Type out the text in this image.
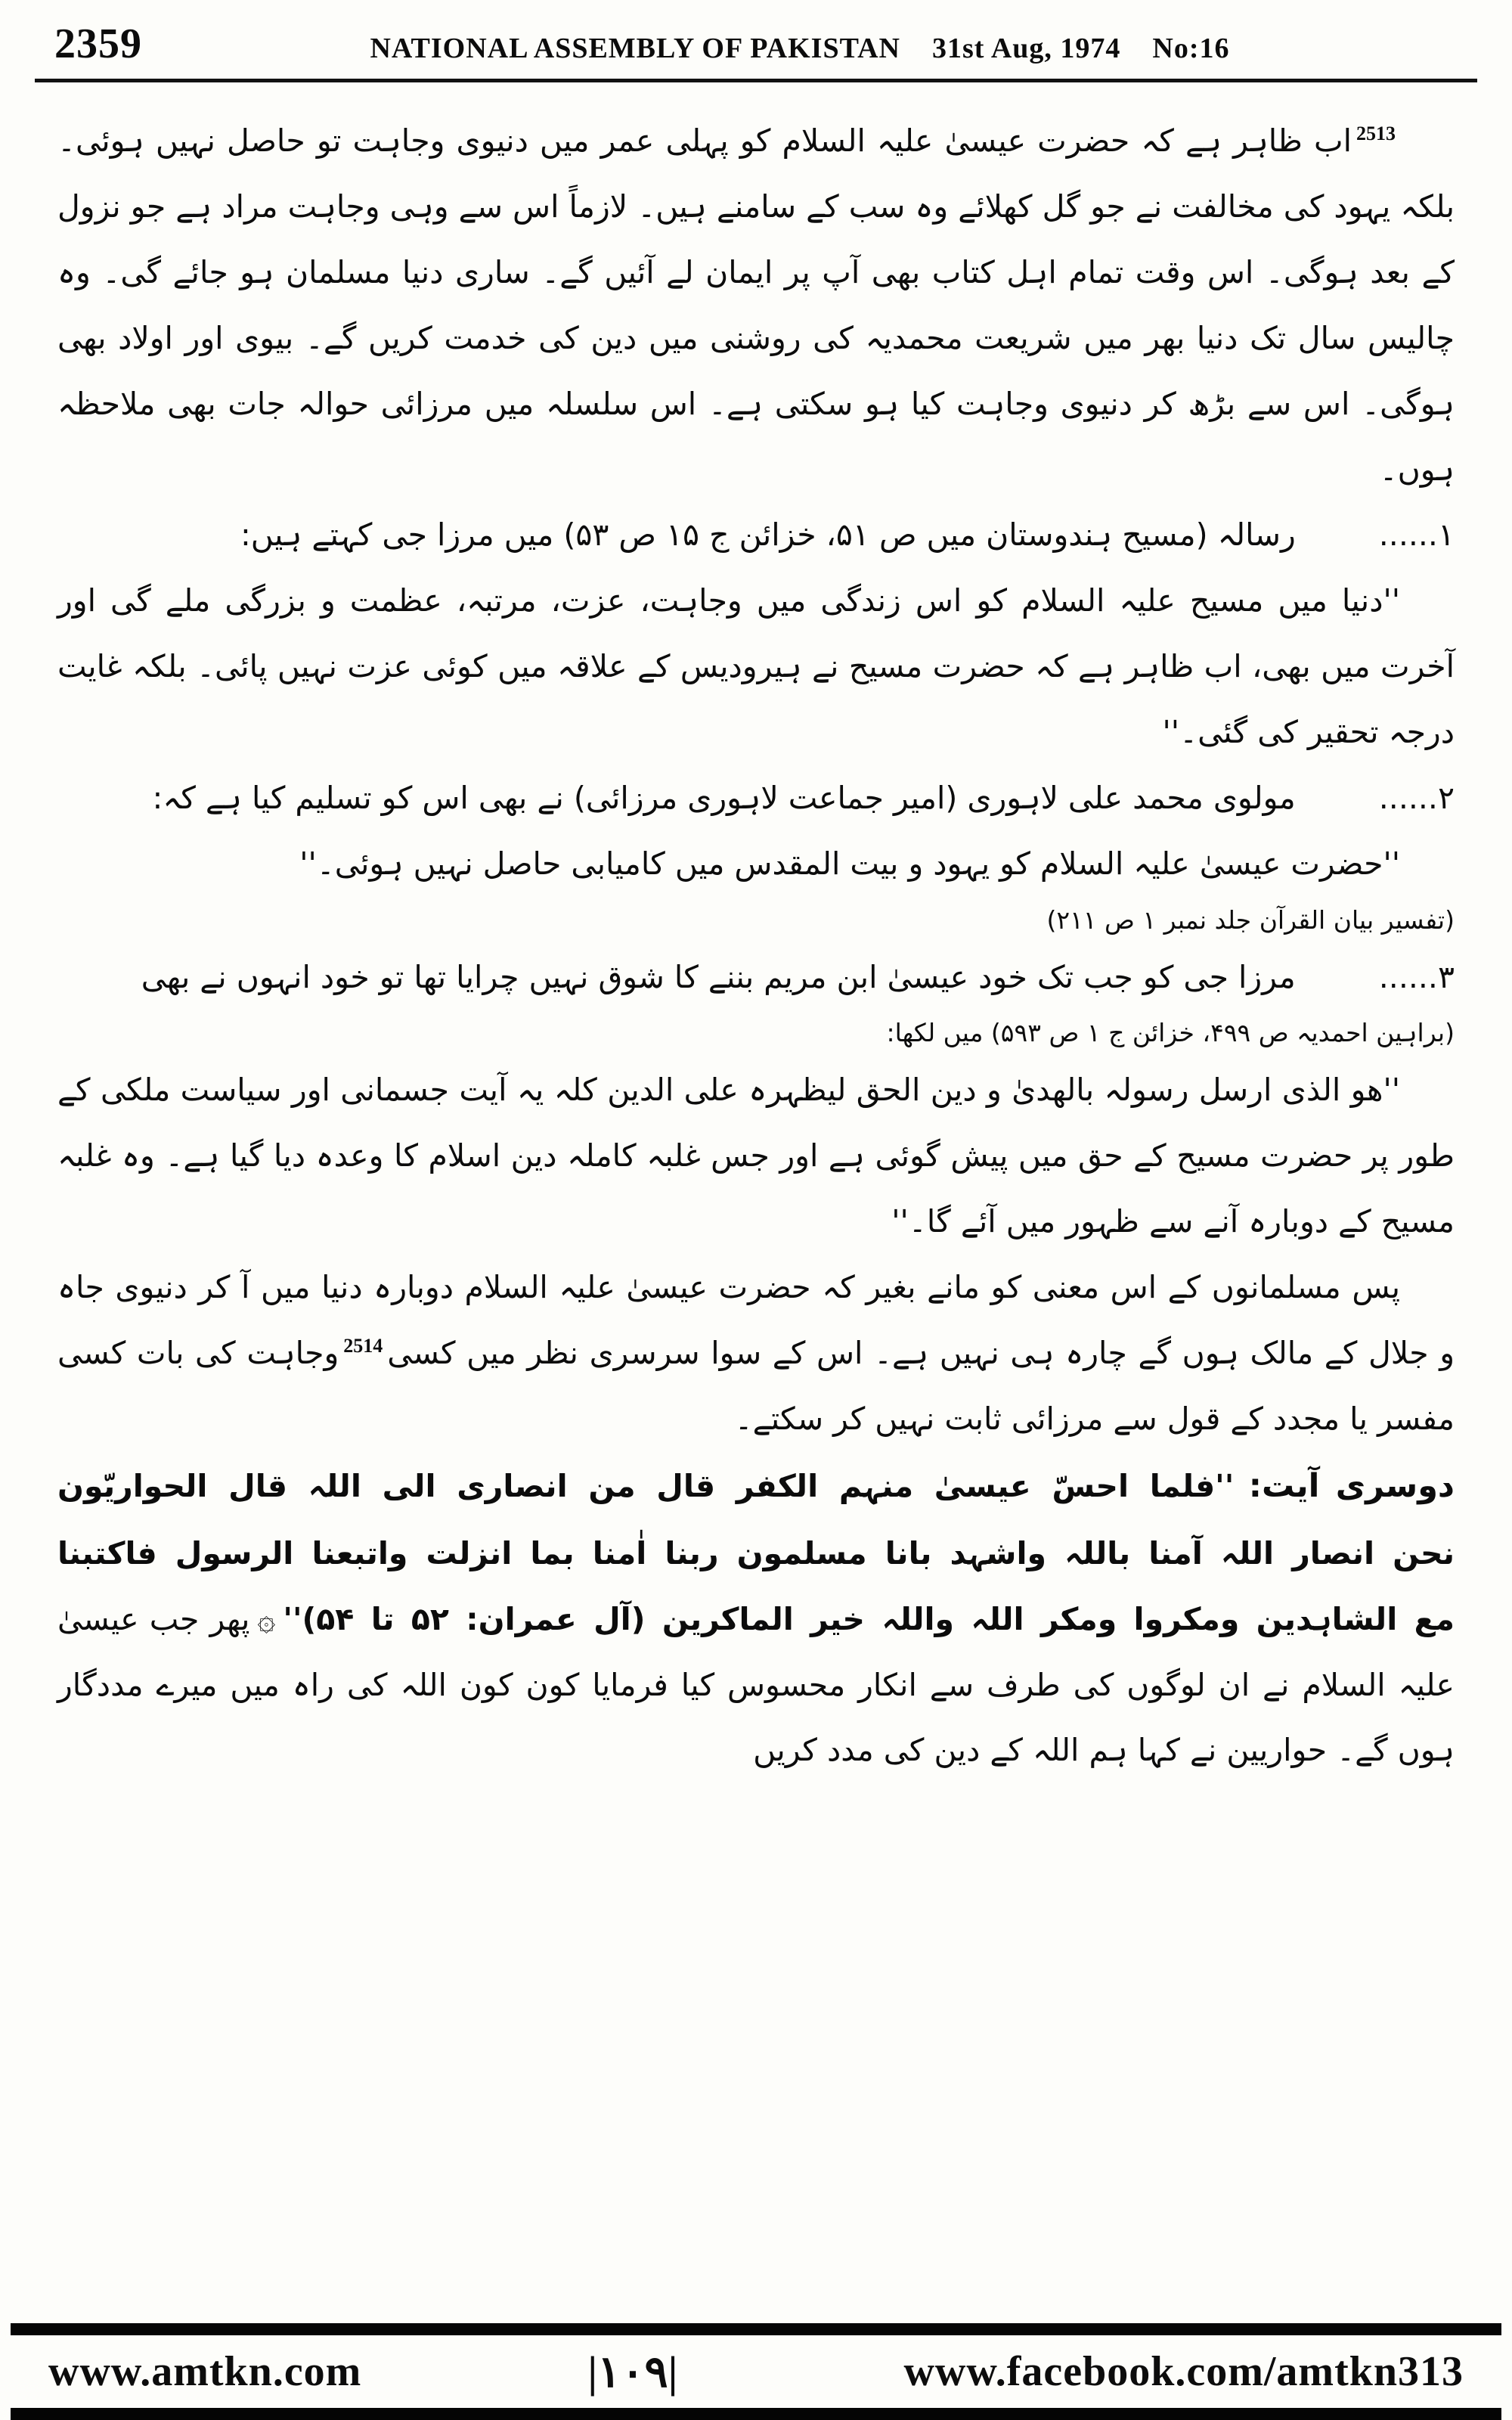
2359	NATIONAL ASSEMBLY OF PAKISTAN 31st Aug, 1974 No:16

$^{2513}$اب ظاہر ہے کہ حضرت عیسیٰ علیہ السلام کو پہلی عمر میں دنیوی وجاہت تو حاصل نہیں ہوئی۔ بلکہ یہود کی مخالفت نے جو گل کھلائے وہ سب کے سامنے ہیں۔ لازماً اس سے وہی وجاہت مراد ہے جو نزول کے بعد ہوگی۔ اس وقت تمام اہل کتاب بھی آپ پر ایمان لے آئیں گے۔ ساری دنیا مسلمان ہو جائے گی۔ وہ چالیس سال تک دنیا بھر میں شریعت محمدیہ کی روشنی میں دین کی خدمت کریں گے۔ بیوی اور اولاد بھی ہوگی۔ اس سے بڑھ کر دنیوی وجاہت کیا ہو سکتی ہے۔ اس سلسلہ میں مرزائی حوالہ جات بھی ملاحظہ ہوں۔

۱......رسالہ (مسیح ہندوستان میں ص ۵۱، خزائن ج ۱۵ ص ۵۳) میں مرزا جی کہتے ہیں:

''دنیا میں مسیح علیہ السلام کو اس زندگی میں وجاہت، عزت، مرتبہ، عظمت و بزرگی ملے گی اور آخرت میں بھی، اب ظاہر ہے کہ حضرت مسیح نے ہیرودیس کے علاقہ میں کوئی عزت نہیں پائی۔ بلکہ غایت درجہ تحقیر کی گئی۔''

۲......مولوی محمد علی لاہوری (امیر جماعت لاہوری مرزائی) نے بھی اس کو تسلیم کیا ہے کہ:

''حضرت عیسیٰ علیہ السلام کو یہود و بیت المقدس میں کامیابی حاصل نہیں ہوئی۔''

(تفسیر بیان القرآن جلد نمبر ۱ ص ۲۱۱)

۳......مرزا جی کو جب تک خود عیسیٰ ابن مریم بننے کا شوق نہیں چرایا تھا تو خود انہوں نے بھی

(براہین احمدیہ ص ۴۹۹، خزائن ج ۱ ص ۵۹۳) میں لکھا:

''ھو الذی ارسل رسولہ بالھدیٰ و دین الحق لیظہرہ علی الدین کلہ یہ آیت جسمانی اور سیاست ملکی کے طور پر حضرت مسیح کے حق میں پیش گوئی ہے اور جس غلبہ کاملہ دین اسلام کا وعدہ دیا گیا ہے۔ وہ غلبہ مسیح کے دوبارہ آنے سے ظہور میں آئے گا۔''

پس مسلمانوں کے اس معنی کو مانے بغیر کہ حضرت عیسیٰ علیہ السلام دوبارہ دنیا میں آ کر دنیوی جاہ و جلال کے مالک ہوں گے چارہ ہی نہیں ہے۔ اس کے سوا سرسری نظر میں کسی$^{2514}$وجاہت کی بات کسی مفسر یا مجدد کے قول سے مرزائی ثابت نہیں کر سکتے۔

دوسری آیت: ''فلما احسّ عیسیٰ منہم الکفر قال من انصاری الی اللہ قال الحواریّون نحن انصار اللہ آمنا باللہ واشہد بانا مسلمون ربنا اٰمنا بما انزلت واتبعنا الرسول فاکتبنا مع الشاہدین ومکروا ومکر اللہ واللہ خیر الماکرین (آل عمران: ۵۲ تا ۵۴)''۞پھر جب عیسیٰ علیہ السلام نے ان لوگوں کی طرف سے انکار محسوس کیا فرمایا کون کون اللہ کی راہ میں میرے مددگار ہوں گے۔ حواریین نے کہا ہم اللہ کے دین کی مدد کریں

www.amtkn.com	|۱۰۹|	www.facebook.com/amtkn313
